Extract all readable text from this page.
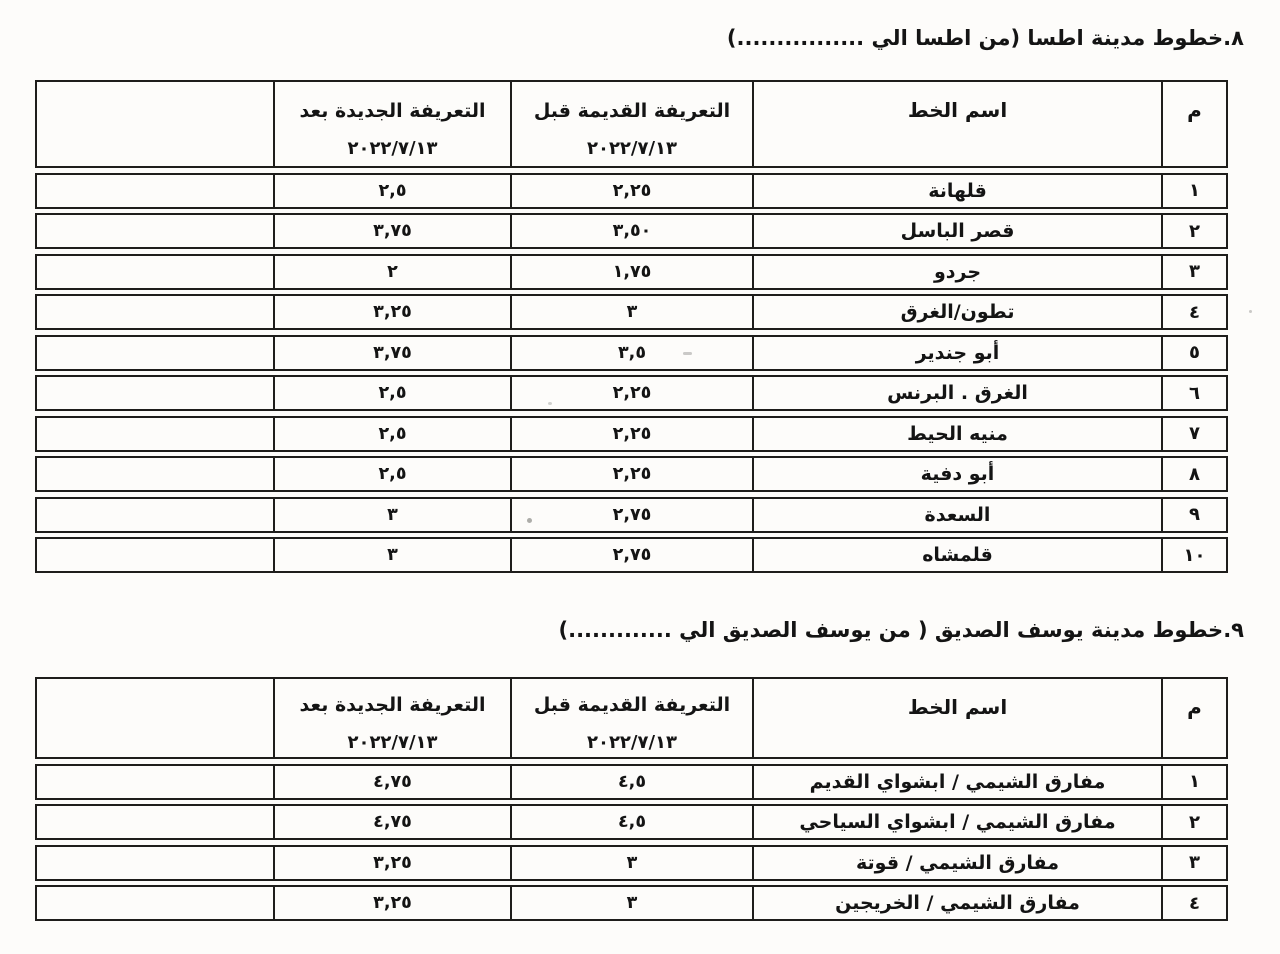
٨.خطوط مدينة اطسا (من اطسا الي ................)
م
اسم الخط
التعريفة القديمة قبل
٢٠٢٢/٧/١٣
التعريفة الجديدة بعد
٢٠٢٢/٧/١٣
١
قلهانة
٢,٢٥
٢,٥
٢
قصر الباسل
٣,٥٠
٣,٧٥
٣
جردو
١,٧٥
٢
٤
تطون/الغرق
٣
٣,٢٥
٥
أبو جندير
٣,٥
٣,٧٥
٦
الغرق . البرنس
٢,٢٥
٢,٥
٧
منيه الحيط
٢,٢٥
٢,٥
٨
أبو دفية
٢,٢٥
٢,٥
٩
السعدة
٢,٧٥
٣
١٠
قلمشاه
٢,٧٥
٣
٩.خطوط مدينة يوسف الصديق ( من يوسف الصديق الي .............)
م
اسم الخط
التعريفة القديمة قبل
٢٠٢٢/٧/١٣
التعريفة الجديدة بعد
٢٠٢٢/٧/١٣
١
مفارق الشيمي / ابشواي القديم
٤,٥
٤,٧٥
٢
مفارق الشيمي / ابشواي السياحي
٤,٥
٤,٧٥
٣
مفارق الشيمي / قوتة
٣
٣,٢٥
٤
مفارق الشيمي / الخريجين
٣
٣,٢٥
